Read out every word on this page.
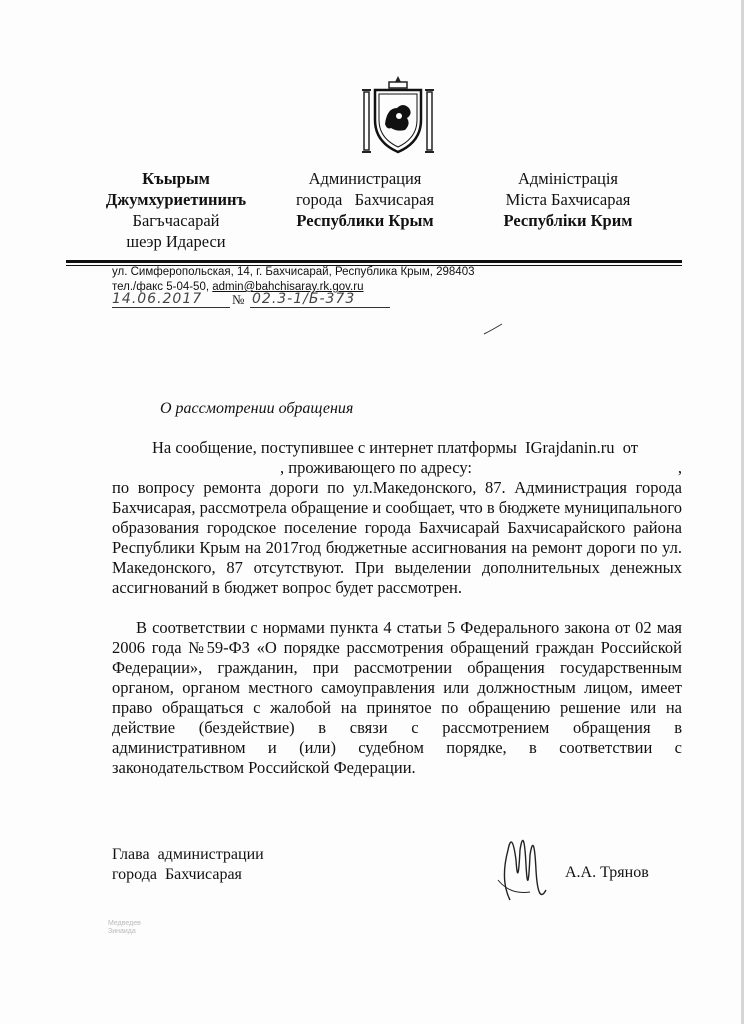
Къырым
Джумхуриетининъ
Багъчасарай
шеэр Идареси
Администрация
города   Бахчисарая
Республики Крым
Адміністрація
Міста Бахчисарая
Республіки Крим
ул. Симферопольская, 14, г. Бахчисарай, Республика Крым, 298403
тел./факс 5-04-50, admin@bahchisaray.rk.gov.ru
14.06.2017 № 02.3-1/Б-373
О рассмотрении обращения
На сообщение, поступившее с интернет платформы  IGrajdanin.ru  от
, проживающего по адресу:	,
по вопросу ремонта дороги по ул.Македонского, 87. Администрация города Бахчисарая, рассмотрела обращение и сообщает, что в бюджете муниципального образования городское поселение города Бахчисарай Бахчисарайского района Республики Крым на 2017год бюджетные ассигнования на ремонт дороги по ул. Македонского, 87 отсутствуют. При выделении дополнительных денежных ассигнований в бюджет вопрос будет рассмотрен.
В соответствии с нормами пункта 4 статьи 5 Федерального закона от 02 мая 2006 года №59-ФЗ «О порядке рассмотрения обращений граждан Российской Федерации», гражданин, при рассмотрении обращения государственным органом, органом местного самоуправления или должностным лицом, имеет право обращаться с жалобой на принятое по обращению решение или на действие (бездействие) в связи с рассмотрением обращения в административном и (или) судебном порядке, в соответствии с законодательством Российской Федерации.
Глава  администрации
города  Бахчисарая	А.А. Трянов
Медведев
Зинаида
